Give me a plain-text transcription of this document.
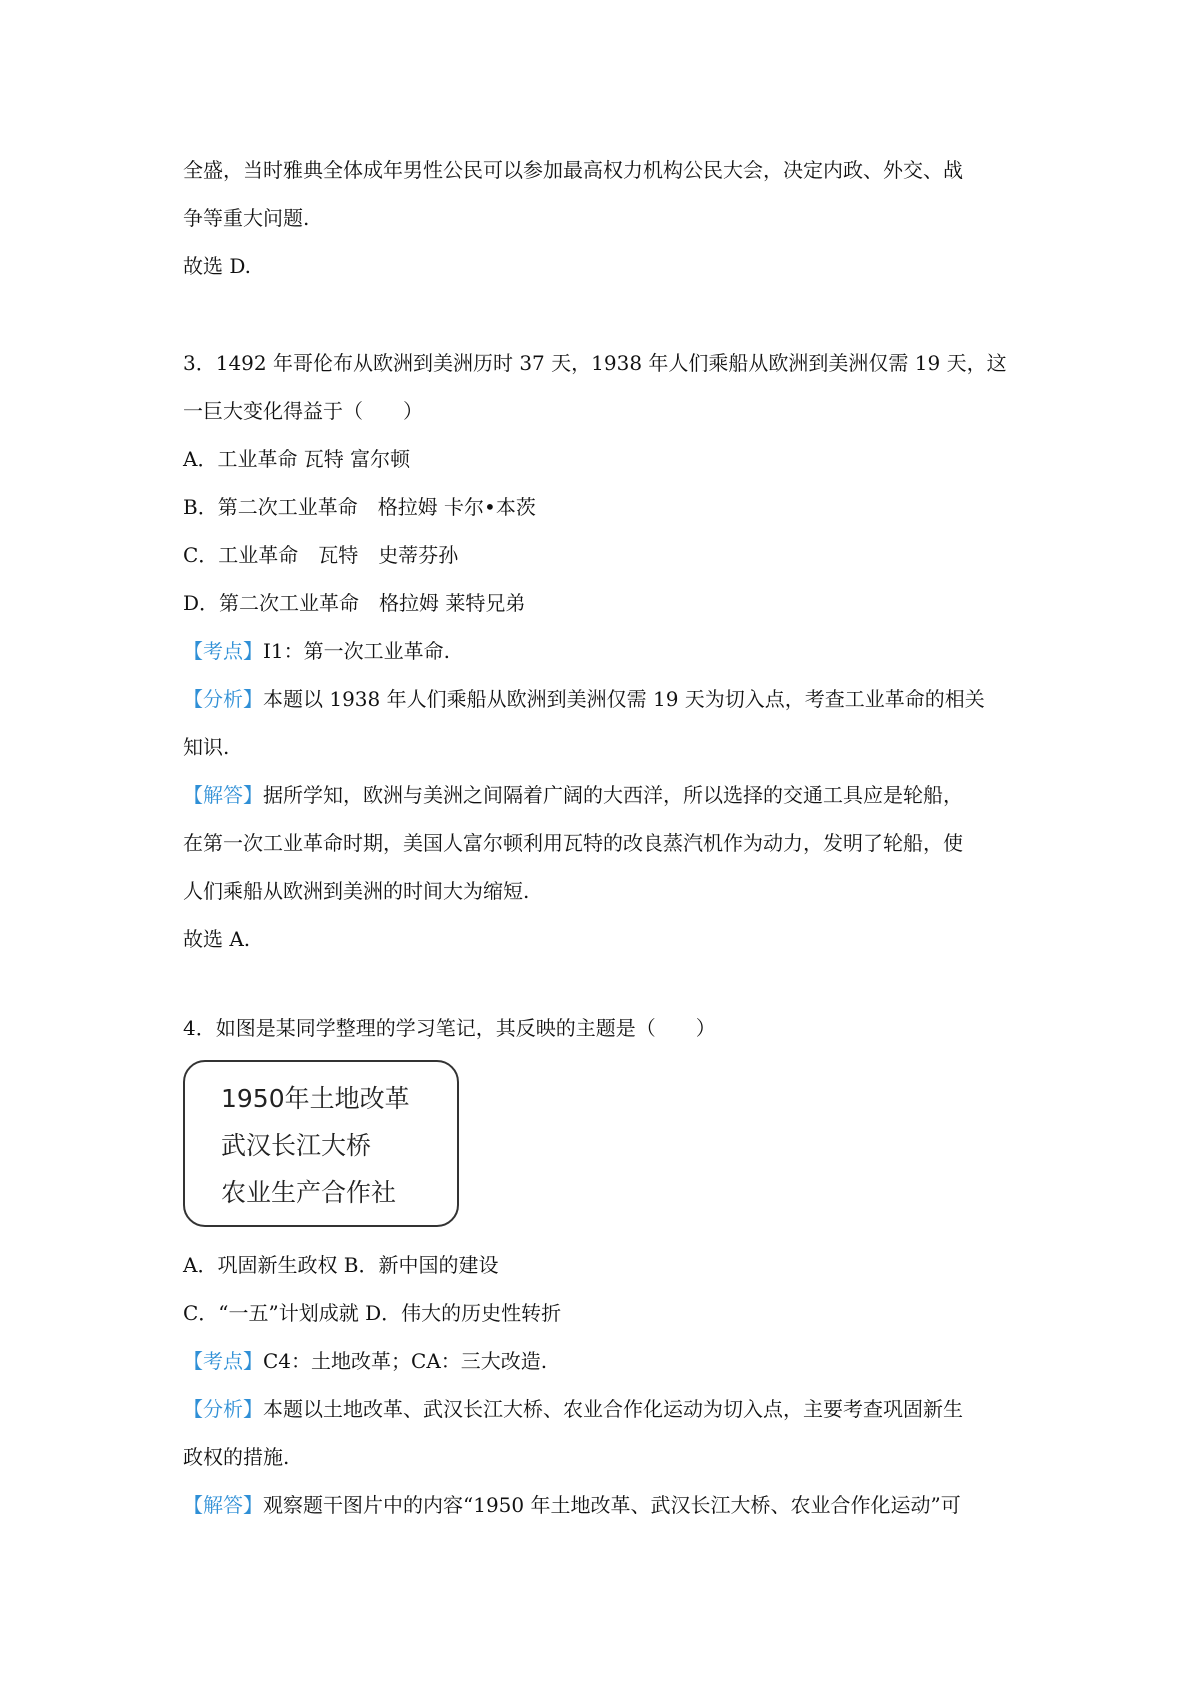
全盛，当时雅典全体成年男性公民可以参加最高权力机构公民大会，决定内政、外交、战

争等重大问题.

故选 D.

3．1492 年哥伦布从欧洲到美洲历时 37 天，1938 年人们乘船从欧洲到美洲仅需 19 天，这

一巨大变化得益于（　　）

A．工业革命 瓦特 富尔顿

B．第二次工业革命　格拉姆 卡尔•本茨

C．工业革命　瓦特　史蒂芬孙

D．第二次工业革命　格拉姆 莱特兄弟

【考点】I1：第一次工业革命.

【分析】本题以 1938 年人们乘船从欧洲到美洲仅需 19 天为切入点，考查工业革命的相关

知识.

【解答】据所学知，欧洲与美洲之间隔着广阔的大西洋，所以选择的交通工具应是轮船，

在第一次工业革命时期，美国人富尔顿利用瓦特的改良蒸汽机作为动力，发明了轮船，使

人们乘船从欧洲到美洲的时间大为缩短.

故选 A.

4．如图是某同学整理的学习笔记，其反映的主题是（　　）

1950年土地改革
武汉长江大桥
农业生产合作社

A．巩固新生政权 B．新中国的建设

C．“一五”计划成就 D．伟大的历史性转折

【考点】C4：土地改革；CA：三大改造.

【分析】本题以土地改革、武汉长江大桥、农业合作化运动为切入点，主要考查巩固新生

政权的措施.

【解答】观察题干图片中的内容“1950 年土地改革、武汉长江大桥、农业合作化运动”可
